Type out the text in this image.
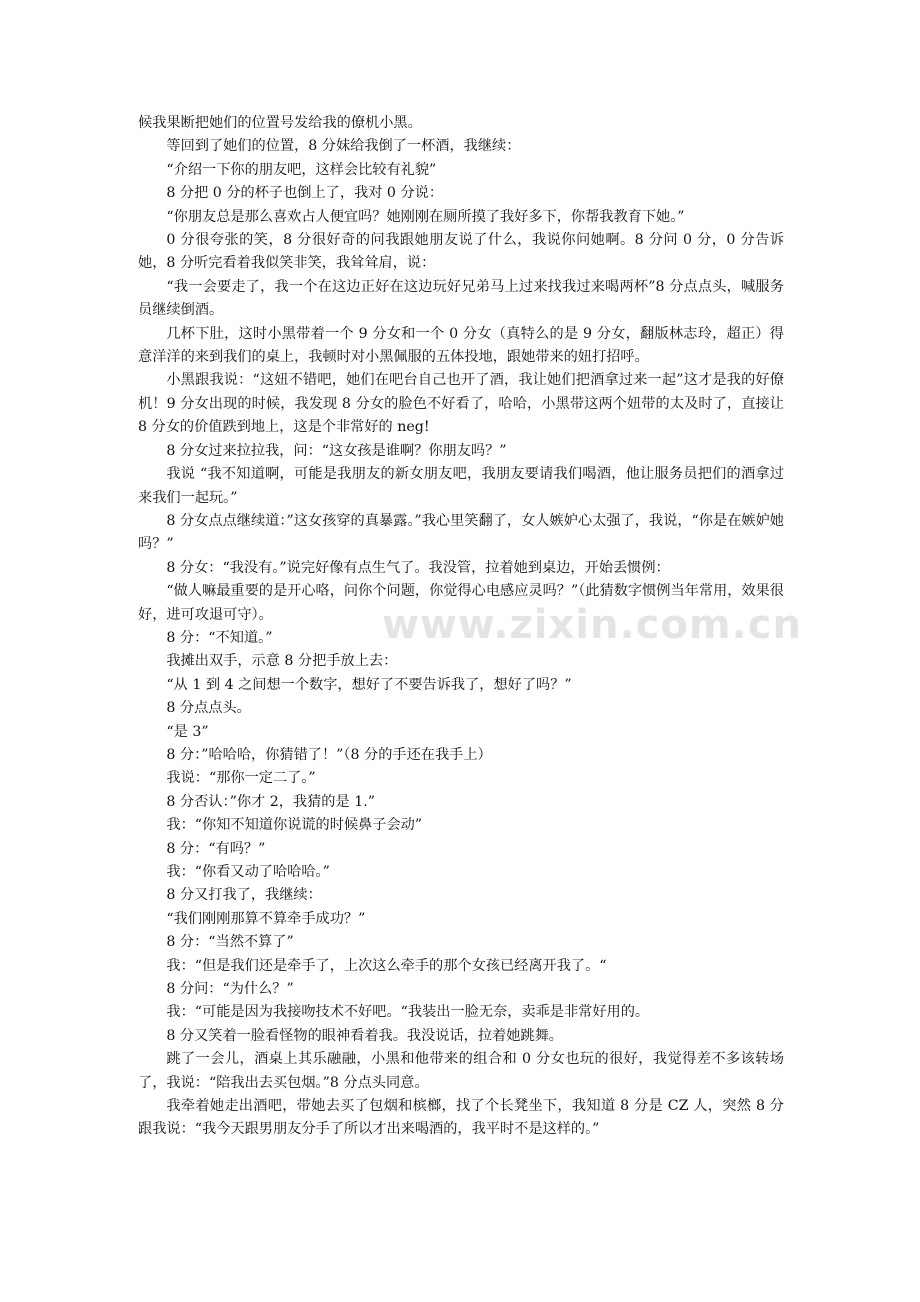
候我果断把她们的位置号发给我的僚机小黑。

等回到了她们的位置，8 分妹给我倒了一杯酒，我继续：

“介绍一下你的朋友吧，这样会比较有礼貌”

8 分把 0 分的杯子也倒上了，我对 0 分说：

“你朋友总是那么喜欢占人便宜吗？她刚刚在厕所摸了我好多下，你帮我教育下她。”

0 分很夸张的笑，8 分很好奇的问我跟她朋友说了什么，我说你问她啊。8 分问 0 分，0 分告诉她，8 分听完看着我似笑非笑，我耸耸肩，说：

“我一会要走了，我一个在这边正好在这边玩好兄弟马上过来找我过来喝两杯”8 分点点头，喊服务员继续倒酒。

几杯下肚，这时小黑带着一个 9 分女和一个 0 分女（真特么的是 9 分女，翻版林志玲，超正）得意洋洋的来到我们的桌上，我顿时对小黑佩服的五体投地，跟她带来的妞打招呼。

小黑跟我说：“这妞不错吧，她们在吧台自己也开了酒，我让她们把酒拿过来一起”这才是我的好僚机！9 分女出现的时候，我发现 8 分女的脸色不好看了，哈哈，小黑带这两个妞带的太及时了，直接让 8 分女的价值跌到地上，这是个非常好的 neg!

8 分女过来拉拉我，问：“这女孩是谁啊？你朋友吗？”

我说 “我不知道啊，可能是我朋友的新女朋友吧，我朋友要请我们喝酒，他让服务员把们的酒拿过来我们一起玩。”

8 分女点点继续道：”这女孩穿的真暴露。”我心里笑翻了，女人嫉妒心太强了，我说，“你是在嫉妒她吗？”

8 分女：“我没有。”说完好像有点生气了。我没管，拉着她到桌边，开始丢惯例：

“做人嘛最重要的是开心咯，问你个问题，你觉得心电感应灵吗？”（此猜数字惯例当年常用，效果很好，进可攻退可守）。

8 分：“不知道。”

我摊出双手，示意 8 分把手放上去：

“从 1 到 4 之间想一个数字，想好了不要告诉我了，想好了吗？”

8 分点点头。

“是 3”

8 分：”哈哈哈，你猜错了！”（8 分的手还在我手上）

我说：“那你一定二了。”

8 分否认：”你才 2，我猜的是 1.”

我：“你知不知道你说谎的时候鼻子会动”

8 分：“有吗？”

我：“你看又动了哈哈哈。”

8 分又打我了，我继续：

“我们刚刚那算不算牵手成功？”

8 分：“当然不算了”

我：“但是我们还是牵手了，上次这么牵手的那个女孩已经离开我了。“

8 分问：“为什么？”

我：“可能是因为我接吻技术不好吧。“我装出一脸无奈，卖乖是非常好用的。

8 分又笑着一脸看怪物的眼神看着我。我没说话，拉着她跳舞。

跳了一会儿，酒桌上其乐融融，小黑和他带来的组合和 0 分女也玩的很好，我觉得差不多该转场了，我说：“陪我出去买包烟。”8 分点头同意。

我牵着她走出酒吧，带她去买了包烟和槟榔，找了个长凳坐下，我知道 8 分是 CZ 人，突然 8 分跟我说：“我今天跟男朋友分手了所以才出来喝酒的，我平时不是这样的。”

www.zixin.com.cn
